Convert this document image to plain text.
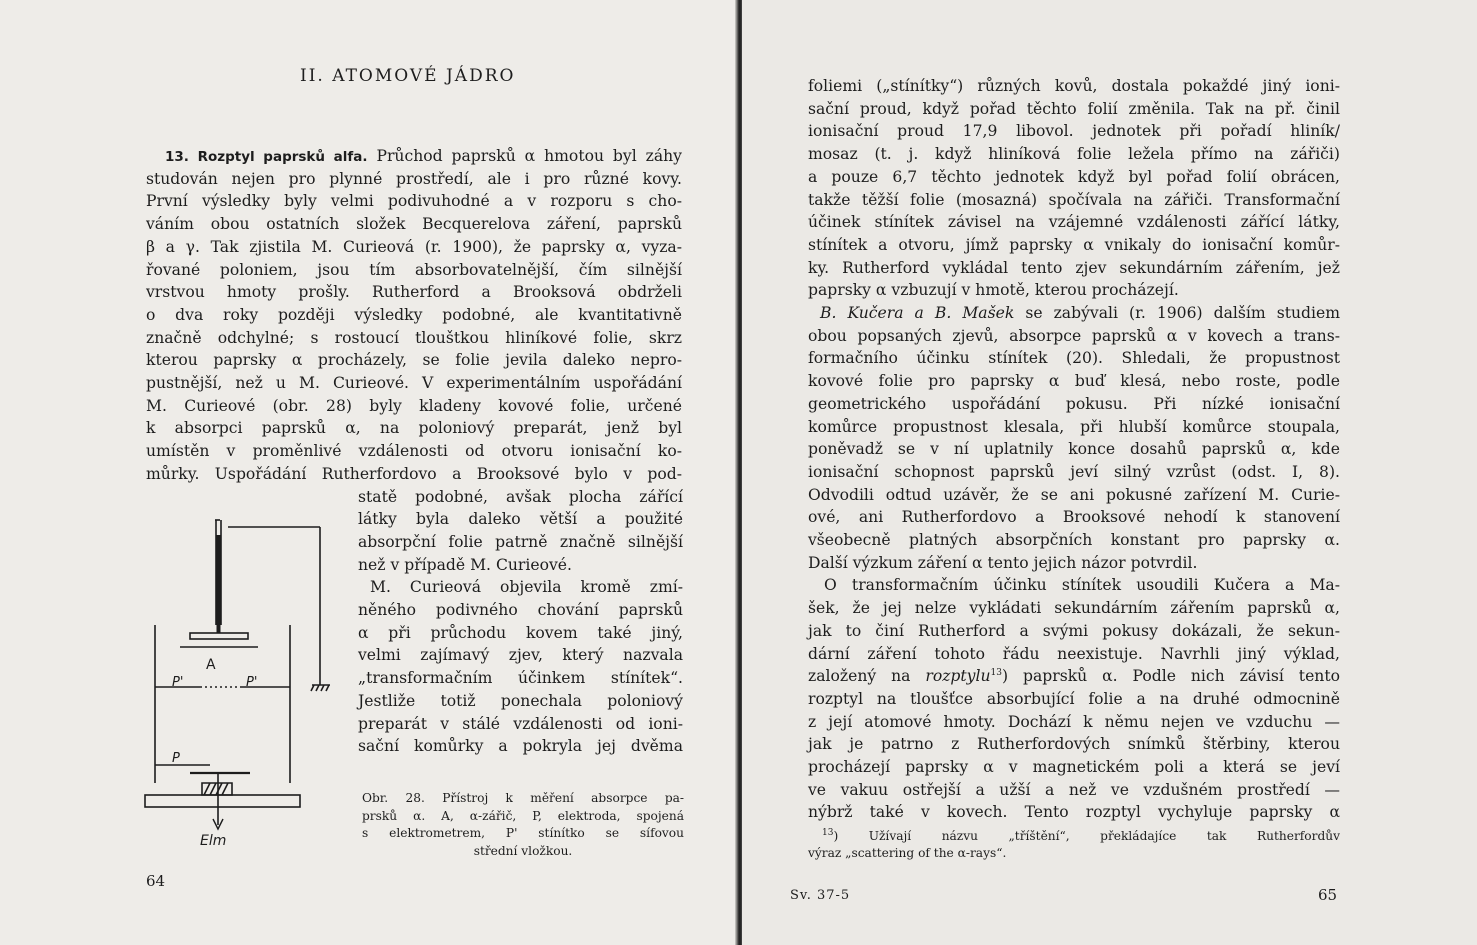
II. ATOMOVÉ JÁDRO
13. Rozptyl paprsků alfa. Průchod paprsků α hmotou byl záhy
studován nejen pro plynné prostředí, ale i pro různé kovy.
První výsledky byly velmi podivuhodné a v rozporu s cho-
váním obou ostatních složek Becquerelova záření, paprsků
β a γ. Tak zjistila M. Curieová (r. 1900), že paprsky α, vyza-
řované poloniem, jsou tím absorbovatelnější, čím silnější
vrstvou hmoty prošly. Rutherford a Brooksová obdrželi
o dva roky později výsledky podobné, ale kvantitativně
značně odchylné; s rostoucí tlouštkou hliníkové folie, skrz
kterou paprsky α procházely, se folie jevila daleko nepro-
pustnější, než u M. Curieové. V experimentálním uspořádání
M. Curieové (obr. 28) byly kladeny kovové folie, určené
k absorpci paprsků α, na poloniový preparát, jenž byl
umístěn v proměnlivé vzdálenosti od otvoru ionisační ko-
můrky. Uspořádání Rutherfordovo a Brooksové bylo v pod-
statě podobné, avšak plocha zářící
látky byla daleko větší a použité
absorpční folie patrně značně silnější
než v případě M. Curieové.
M. Curieová objevila kromě zmí-
něného podivného chování paprsků
α při průchodu kovem také jiný,
velmi zajímavý zjev, který nazvala
„transformačním účinkem stínítek“.
Jestliže totiž ponechala poloniový
preparát v stálé vzdálenosti od ioni-
sační komůrky a pokryla jej dvěma
A
P'	P'
P
Elm
Obr. 28. Přístroj k měření absorpce pa-
prsků α. A, α-zářič, P, elektroda, spojená
s elektrometrem, P' stínítko se sífovou
střední vložkou.
64
foliemi („stínítky“) různých kovů, dostala pokaždé jiný ioni-
sační proud, když pořad těchto folií změnila. Tak na př. činil
ionisační proud 17,9 libovol. jednotek při pořadí hliník/
mosaz (t. j. když hliníková folie ležela přímo na zářiči)
a pouze 6,7 těchto jednotek když byl pořad folií obrácen,
takže těžší folie (mosazná) spočívala na zářiči. Transformační
účinek stínítek závisel na vzájemné vzdálenosti zářící látky,
stínítek a otvoru, jímž paprsky α vnikaly do ionisační komůr-
ky. Rutherford vykládal tento zjev sekundárním zářením, jež
paprsky α vzbuzují v hmotě, kterou procházejí.
B. Kučera a B. Mašek se zabývali (r. 1906) dalším studiem
obou popsaných zjevů, absorpce paprsků α v kovech a trans-
formačního účinku stínítek (20). Shledali, že propustnost
kovové folie pro paprsky α buď klesá, nebo roste, podle
geometrického uspořádání pokusu. Při nízké ionisační
komůrce propustnost klesala, při hlubší komůrce stoupala,
poněvadž se v ní uplatnily konce dosahů paprsků α, kde
ionisační schopnost paprsků jeví silný vzrůst (odst. I, 8).
Odvodili odtud uzávěr, že se ani pokusné zařízení M. Curie-
ové, ani Rutherfordovo a Brooksové nehodí k stanovení
všeobecně platných absorpčních konstant pro paprsky α.
Další výzkum záření α tento jejich názor potvrdil.
O transformačním účinku stínítek usoudili Kučera a Ma-
šek, že jej nelze vykládati sekundárním zářením paprsků α,
jak to činí Rutherford a svými pokusy dokázali, že sekun-
dární záření tohoto řádu neexistuje. Navrhli jiný výklad,
založený na rozptylu$^{13}$) paprsků α. Podle nich závisí tento
rozptyl na tloušťce absorbující folie a na druhé odmocnině
z její atomové hmoty. Dochází k němu nejen ve vzduchu —
jak je patrno z Rutherfordových snímků štěrbiny, kterou
procházejí paprsky α v magnetickém poli a která se jeví
ve vakuu ostřejší a užší a než ve vzdušném prostředí —
nýbrž také v kovech. Tento rozptyl vychyluje paprsky α
$^{13}$) Užívají názvu „tříštění“, překládajíce tak Rutherfordův
výraz „scattering of the α-rays“.
Sv. 37-5	65
